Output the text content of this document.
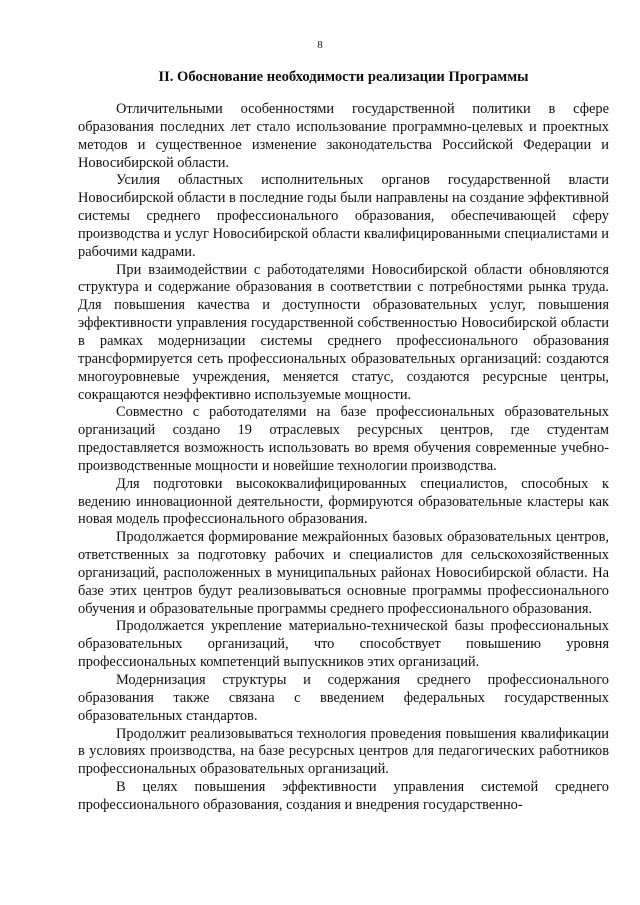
8
II. Обоснование необходимости реализации Программы

Отличительными особенностями государственной политики в сфере образования последних лет стало использование программно-целевых и проектных методов и существенное изменение законодательства Российской Федерации и Новосибирской области.

Усилия областных исполнительных органов государственной власти Новосибирской области в последние годы были направлены на создание эффективной системы среднего профессионального образования, обеспечивающей сферу производства и услуг Новосибирской области квалифицированными специалистами и рабочими кадрами.

При взаимодействии с работодателями Новосибирской области обновляются структура и содержание образования в соответствии с потребностями рынка труда. Для повышения качества и доступности образовательных услуг, повышения эффективности управления государственной собственностью Новосибирской области в рамках модернизации системы среднего профессионального образования трансформируется сеть профессиональных образовательных организаций: создаются многоуровневые учреждения, меняется статус, создаются ресурсные центры, сокращаются неэффективно используемые мощности.

Совместно с работодателями на базе профессиональных образовательных организаций создано 19 отраслевых ресурсных центров, где студентам предоставляется возможность использовать во время обучения современные учебно-производственные мощности и новейшие технологии производства.

Для подготовки высококвалифицированных специалистов, способных к ведению инновационной деятельности, формируются образовательные кластеры как новая модель профессионального образования.

Продолжается формирование межрайонных базовых образовательных центров, ответственных за подготовку рабочих и специалистов для сельскохозяйственных организаций, расположенных в муниципальных районах Новосибирской области. На базе этих центров будут реализовываться основные программы профессионального обучения и образовательные программы среднего профессионального образования.

Продолжается укрепление материально-технической базы профессиональных образовательных организаций, что способствует повышению уровня профессиональных компетенций выпускников этих организаций.

Модернизация структуры и содержания среднего профессионального образования также связана с введением федеральных государственных образовательных стандартов.

Продолжит реализовываться технология проведения повышения квалификации в условиях производства, на базе ресурсных центров для педагогических работников профессиональных образовательных организаций.

В целях повышения эффективности управления системой среднего профессионального образования, создания и внедрения государственно-
